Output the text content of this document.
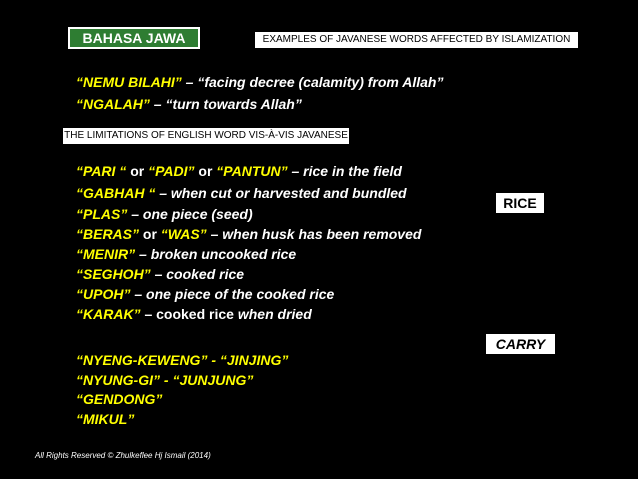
BAHASA JAWA	EXAMPLES OF JAVANESE WORDS AFFECTED BY ISLAMIZATION
“NEMU BILAHI” – “facing decree (calamity) from Allah”
“NGALAH” – “turn towards Allah”
THE LIMITATIONS OF ENGLISH WORD VIS-À-VIS JAVANESE
RICE
“PARI “ or “PADI” or “PANTUN” – rice in the field
“GABHAH “ – when cut or harvested and bundled
“PLAS” – one piece (seed)
“BERAS” or “WAS” – when husk has been removed
“MENIR” – broken uncooked rice
“SEGHOH” – cooked rice
“UPOH” – one piece of the cooked rice
“KARAK” – cooked rice when dried
CARRY
“NYENG-KEWENG” - “JINJING”
“NYUNG-GI” - “JUNJUNG”
“GENDONG”
“MIKUL”
All Rights Reserved © Zhulkeflee Hj Ismail (2014)
